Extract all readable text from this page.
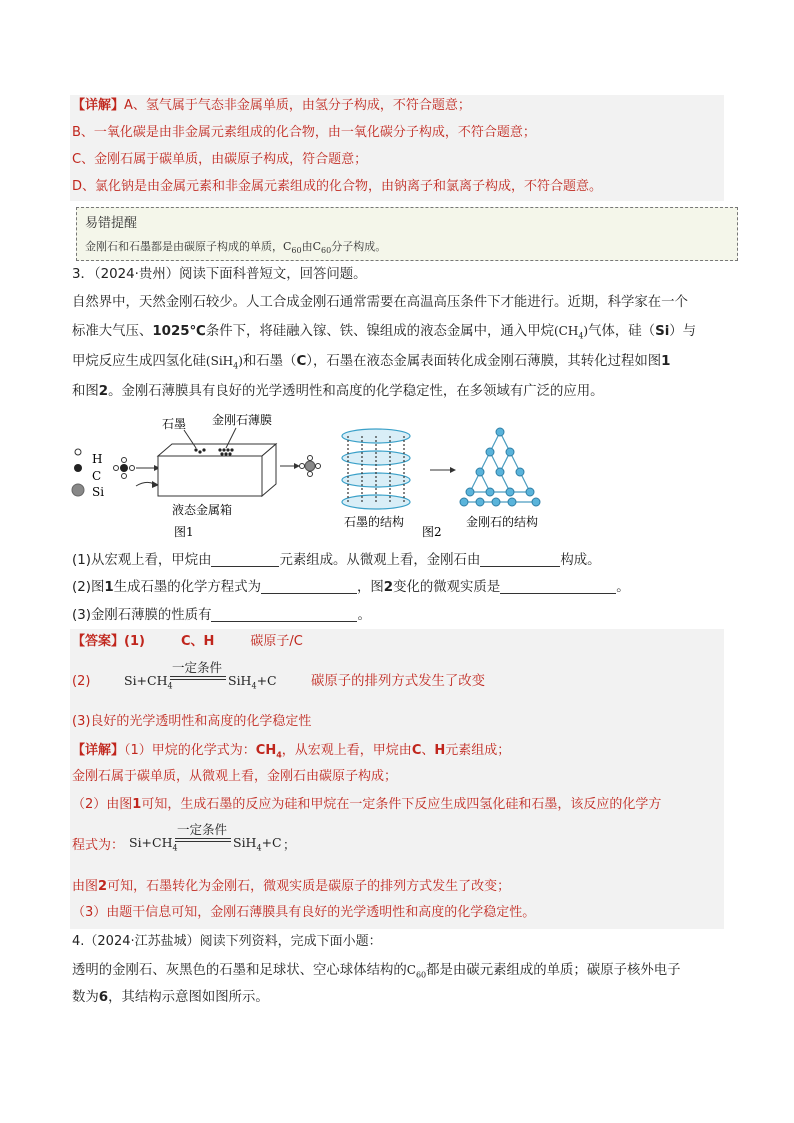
【详解】A、氢气属于气态非金属单质，由氢分子构成，不符合题意；
B、一氧化碳是由非金属元素组成的化合物，由一氧化碳分子构成，不符合题意；
C、金刚石属于碳单质，由碳原子构成，符合题意；
D、氯化钠是由金属元素和非金属元素组成的化合物，由钠离子和氯离子构成，不符合题意。
易错提醒
金刚石和石墨都是由碳原子构成的单质，$C_{60}$由$C_{60}$分子构成。
3．（2024·贵州）阅读下面科普短文，回答问题。
自然界中，天然金刚石较少。人工合成金刚石通常需要在高温高压条件下才能进行。近期，科学家在一个
标准大气压、1025℃条件下，将硅融入镓、铁、镍组成的液态金属中，通入甲烷$(CH_4)$气体，硅（Si）与
甲烷反应生成四氢化硅(SiH$_4$)和石墨（C），石墨在液态金属表面转化成金刚石薄膜，其转化过程如图1
和图2。金刚石薄膜具有良好的光学透明性和高度的化学稳定性，在多领域有广泛的应用。
H
C
Si
石墨 金刚石薄膜
液态金属箱
图1
石墨的结构
图2
金刚石的结构
(1)从宏观上看，甲烷由	元素组成。从微观上看，金刚石由	构成。
(2)图1生成石墨的化学方程式为	，图2变化的微观实质是	。
(3)金刚石薄膜的性质有	。
【答案】(1)	C、H	碳原子/C
(2)	$Si+CH_4$
一定条件
SiH$_4$+C	碳原子的排列方式发生了改变
(3)良好的光学透明性和高度的化学稳定性
【详解】（1）甲烷的化学式为：$CH_4$，从宏观上看，甲烷由C、H元素组成；
金刚石属于碳单质，从微观上看，金刚石由碳原子构成；
（2）由图1可知，生成石墨的反应为硅和甲烷在一定条件下反应生成四氢化硅和石墨，该反应的化学方
程式为： $Si+CH_4$
一定条件
SiH$_4$+C ；
由图2可知，石墨转化为金刚石，微观实质是碳原子的排列方式发生了改变；
（3）由题干信息可知，金刚石薄膜具有良好的光学透明性和高度的化学稳定性。
4.（2024·江苏盐城）阅读下列资料，完成下面小题：
透明的金刚石、灰黑色的石墨和足球状、空心球体结构的$C_{60}$都是由碳元素组成的单质；碳原子核外电子
数为6，其结构示意图如图所示。
